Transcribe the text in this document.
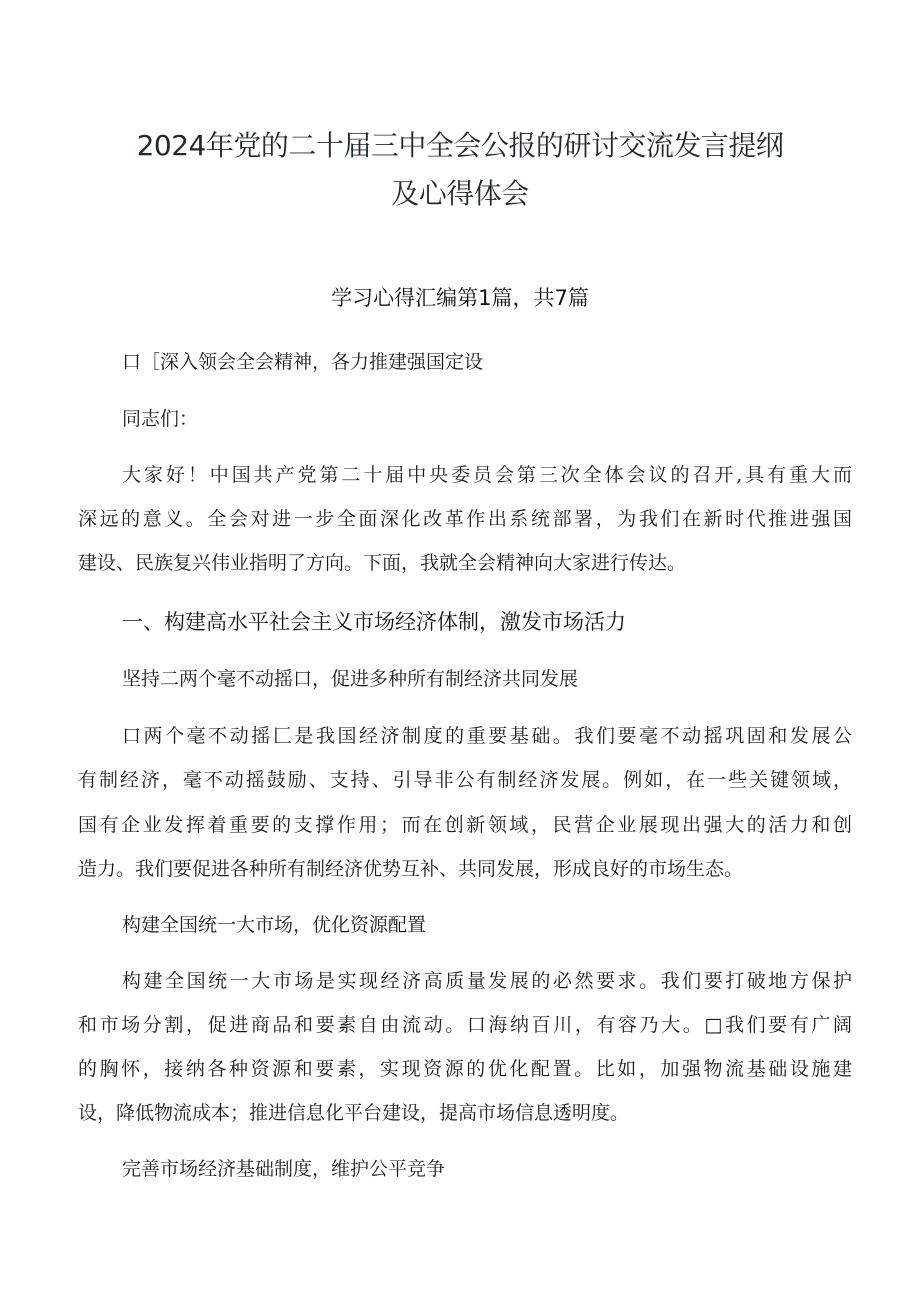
2024年党的二十届三中全会公报的研讨交流发言提纲
及心得体会
学习心得汇编第1篇，共7篇
口［深入领会全会精神，各力推建强国定设
同志们：
大家好！中国共产党第二十届中央委员会第三次全体会议的召开,具有重大而
深远的意义。全会对进一步全面深化改革作出系统部署，为我们在新时代推进强国
建设、民族复兴伟业指明了方向。下面，我就全会精神向大家进行传达。
一、构建高水平社会主义市场经济体制，激发市场活力
坚持二两个毫不动摇口，促进多种所有制经济共同发展
口两个毫不动摇匚是我国经济制度的重要基础。我们要毫不动摇巩固和发展公
有制经济，毫不动摇鼓励、支持、引导非公有制经济发展。例如，在一些关键领域，
国有企业发挥着重要的支撑作用；而在创新领域，民营企业展现出强大的活力和创
造力。我们要促进各种所有制经济优势互补、共同发展，形成良好的市场生态。
构建全国统一大市场，优化资源配置
构建全国统一大市场是实现经济高质量发展的必然要求。我们要打破地方保护
和市场分割，促进商品和要素自由流动。口海纳百川，有容乃大。□我们要有广阔
的胸怀，接纳各种资源和要素，实现资源的优化配置。比如，加强物流基础设施建
设，降低物流成本；推进信息化平台建设，提高市场信息透明度。
完善市场经济基础制度，维护公平竞争
